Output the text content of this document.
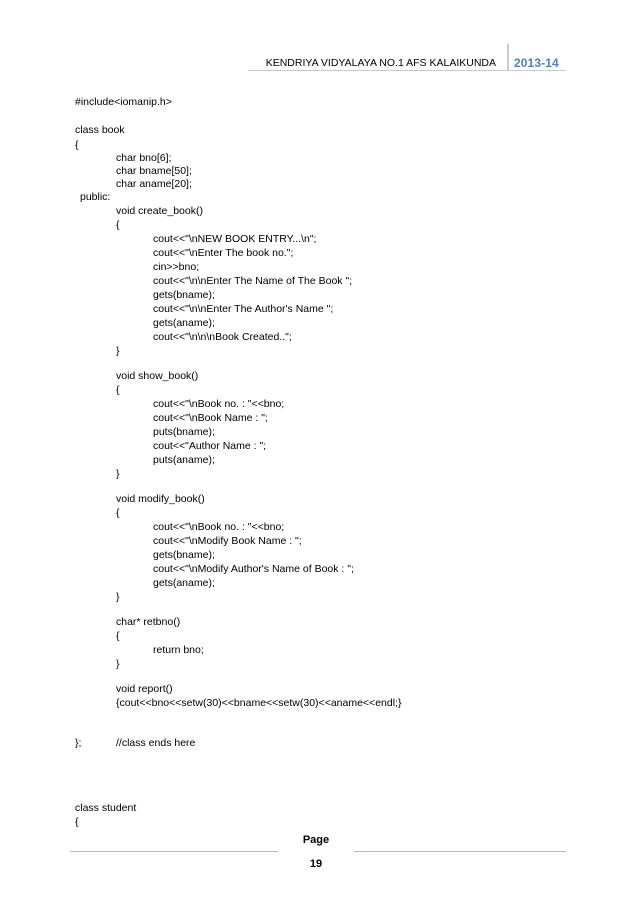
KENDRIYA VIDYALAYA NO.1 AFS KALAIKUNDA 2013-14
#include<iomanip.h>
class book
{
char bno[6];
char bname[50];
char aname[20];
public:
void create_book()
{
cout<<"\nNEW BOOK ENTRY...\n";
cout<<"\nEnter The book no.";
cin>>bno;
cout<<"\n\nEnter The Name of The Book ";
gets(bname);
cout<<"\n\nEnter The Author's Name ";
gets(aname);
cout<<"\n\n\nBook Created..";
}
void show_book()
{
cout<<"\nBook no. : "<<bno;
cout<<"\nBook Name : ";
puts(bname);
cout<<"Author Name : ";
puts(aname);
}
void modify_book()
{
cout<<"\nBook no. : "<<bno;
cout<<"\nModify Book Name : ";
gets(bname);
cout<<"\nModify Author's Name of Book : ";
gets(aname);
}
char* retbno()
{
return bno;
}
void report()
{cout<<bno<<setw(30)<<bname<<setw(30)<<aname<<endl;}
};	//class ends here
class student
{
Page
19
